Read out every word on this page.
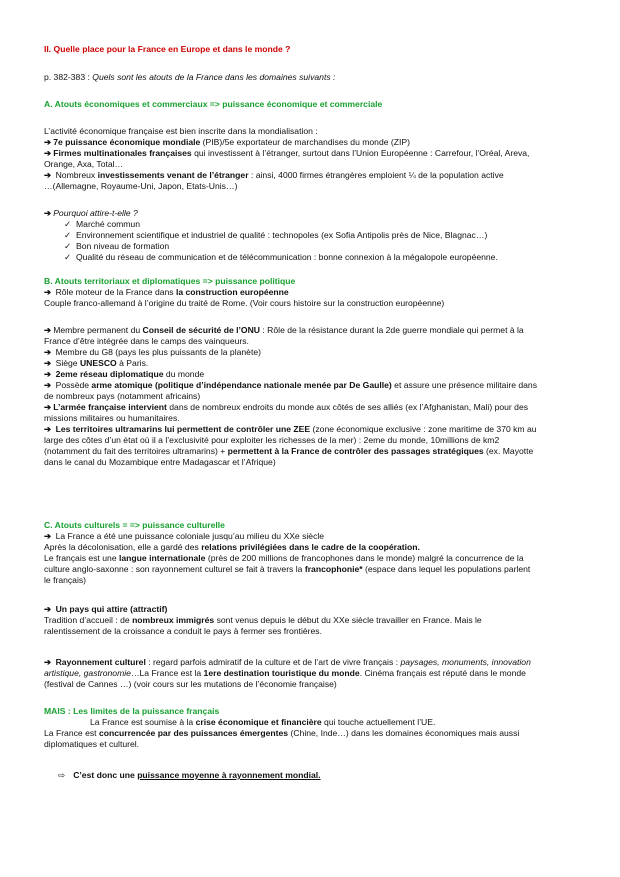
II. Quelle place pour la France en Europe et dans le monde ?
p. 382-383 : Quels sont les atouts de la France dans les domaines suivants :
A. Atouts économiques et commerciaux => puissance économique et commerciale
L’activité économique française est bien inscrite dans la mondialisation :
➔ 7e puissance économique mondiale (PIB)/5e exportateur de marchandises du monde (ZIP)
➔ Firmes multinationales françaises qui investissent à l’étranger, surtout dans l’Union Européenne : Carrefour, l’Oréal, Areva,
Orange, Axa, Total…
➔ Nombreux investissements venant de l’étranger : ainsi, 4000 firmes étrangères emploient ¼ de la population active
…(Allemagne, Royaume-Uni, Japon, Etats-Unis…)
➔ Pourquoi attire-t-elle ?
✓ Marché commun
✓ Environnement scientifique et industriel de qualité : technopoles (ex Sofia Antipolis près de Nice, Blagnac…)
✓ Bon niveau de formation
✓ Qualité du réseau de communication et de télécommunication : bonne connexion à la mégalopole européenne.
B. Atouts territoriaux et diplomatiques => puissance politique
➔ Rôle moteur de la France dans la construction européenne
Couple franco-allemand à l’origine du traité de Rome. (Voir cours histoire sur la construction européenne)
➔ Membre permanent du Conseil de sécurité de l’ONU : Rôle de la résistance durant la 2de guerre mondiale qui permet à la
France d’être intégrée dans le camps des vainqueurs.
➔ Membre du G8 (pays les plus puissants de la planète)
➔ Siège UNESCO à Paris.
➔ 2eme réseau diplomatique du monde
➔ Possède arme atomique (politique d’indépendance nationale menée par De Gaulle) et assure une présence militaire dans
de nombreux pays (notamment africains)
➔ L’armée française intervient dans de nombreux endroits du monde aux côtés de ses alliés (ex l’Afghanistan, Mali) pour des
missions militaires ou humanitaires.
➔ Les territoires ultramarins lui permettent de contrôler une ZEE (zone économique exclusive : zone maritime de 370 km au
large des côtes d’un état où il a l’exclusivité pour exploiter les richesses de la mer) : 2eme du monde, 10millions de km2
(notamment du fait des territoires ultramarins) + permettent à la France de contrôler des passages stratégiques (ex. Mayotte
dans le canal du Mozambique entre Madagascar et l’Afrique)
C. Atouts culturels = => puissance culturelle
➔ La France a été une puissance coloniale jusqu’au milieu du XXe siècle
Après la décolonisation, elle a gardé des relations privilégiées dans le cadre de la coopération.
Le français est une langue internationale (près de 200 millions de francophones dans le monde) malgré la concurrence de la
culture anglo-saxonne : son rayonnement culturel se fait à travers la francophonie* (espace dans lequel les populations parlent
le français)
➔ Un pays qui attire (attractif)
Tradition d’accueil : de nombreux immigrés sont venus depuis le début du XXe siècle travailler en France. Mais le
ralentissement de la croissance a conduit le pays à fermer ses frontières.
➔ Rayonnement culturel : regard parfois admiratif de la culture et de l’art de vivre français : paysages, monuments, innovation
artistique, gastronomie…La France est la 1ere destination touristique du monde. Cinéma français est réputé dans le monde
(festival de Cannes …) (voir cours sur les mutations de l’économie française)
MAIS : Les limites de la puissance français
La France est soumise à la crise économique et financière qui touche actuellement l’UE.
La France est concurrencée par des puissances émergentes (Chine, Inde…) dans les domaines économiques mais aussi
diplomatiques et culturel.
⇨ C’est donc une puissance moyenne à rayonnement mondial.
